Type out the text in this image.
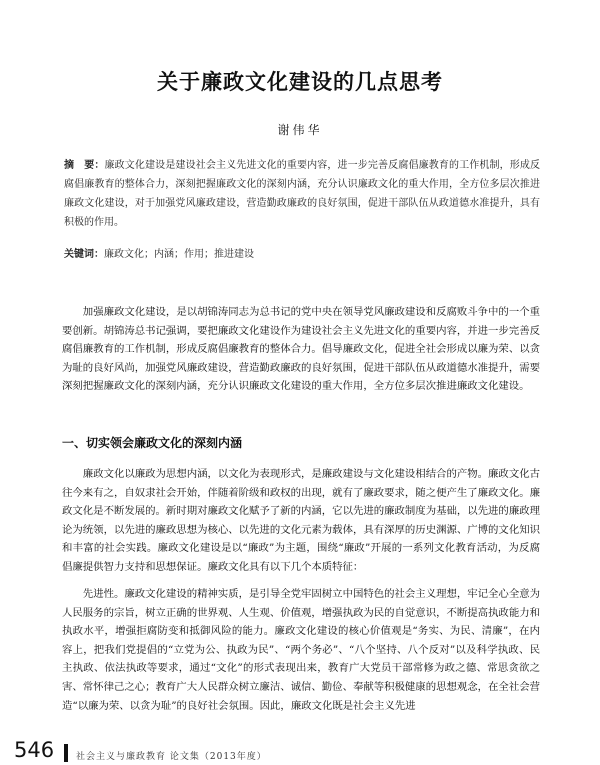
关于廉政文化建设的几点思考
谢伟华
摘　要：廉政文化建设是建设社会主义先进文化的重要内容，进一步完善反腐倡廉教育的工作机制，形成反腐倡廉教育的整体合力，深刻把握廉政文化的深刻内涵，充分认识廉政文化的重大作用，全方位多层次推进廉政文化建设，对于加强党风廉政建设，营造勤政廉政的良好氛围，促进干部队伍从政道德水准提升，具有积极的作用。
关键词：廉政文化；内涵；作用；推进建设

加强廉政文化建设，是以胡锦涛同志为总书记的党中央在领导党风廉政建设和反腐败斗争中的一个重要创新。胡锦涛总书记强调，要把廉政文化建设作为建设社会主义先进文化的重要内容，并进一步完善反腐倡廉教育的工作机制，形成反腐倡廉教育的整体合力。倡导廉政文化，促进全社会形成以廉为荣、以贪为耻的良好风尚，加强党风廉政建设，营造勤政廉政的良好氛围，促进干部队伍从政道德水准提升，需要深刻把握廉政文化的深刻内涵，充分认识廉政文化建设的重大作用，全方位多层次推进廉政文化建设。

一、切实领会廉政文化的深刻内涵

廉政文化以廉政为思想内涵，以文化为表现形式，是廉政建设与文化建设相结合的产物。廉政文化古往今来有之，自奴隶社会开始，伴随着阶级和政权的出现，就有了廉政要求，随之便产生了廉政文化。廉政文化是不断发展的。新时期对廉政文化赋予了新的内涵，它以先进的廉政制度为基础，以先进的廉政理论为统领，以先进的廉政思想为核心、以先进的文化元素为载体，具有深厚的历史渊源、广博的文化知识和丰富的社会实践。廉政文化建设是以“廉政”为主题，围绕“廉政”开展的一系列文化教育活动，为反腐倡廉提供智力支持和思想保证。廉政文化具有以下几个本质特征：

先进性。廉政文化建设的精神实质，是引导全党牢固树立中国特色的社会主义理想，牢记全心全意为人民服务的宗旨，树立正确的世界观、人生观、价值观，增强执政为民的自觉意识，不断提高执政能力和执政水平，增强拒腐防变和抵御风险的能力。廉政文化建设的核心价值观是“务实、为民、清廉”，在内容上，把我们党提倡的“立党为公、执政为民”、“两个务必”、“八个坚持、八个反对”以及科学执政、民主执政、依法执政等要求，通过“文化”的形式表现出来，教育广大党员干部常修为政之德、常思贪欲之害、常怀律己之心；教育广大人民群众树立廉洁、诚信、勤俭、奉献等积极健康的思想观念，在全社会营造“以廉为荣、以贪为耻”的良好社会氛围。因此，廉政文化既是社会主义先进

546 社会主义与廉政教育 论文集（2013年度）
